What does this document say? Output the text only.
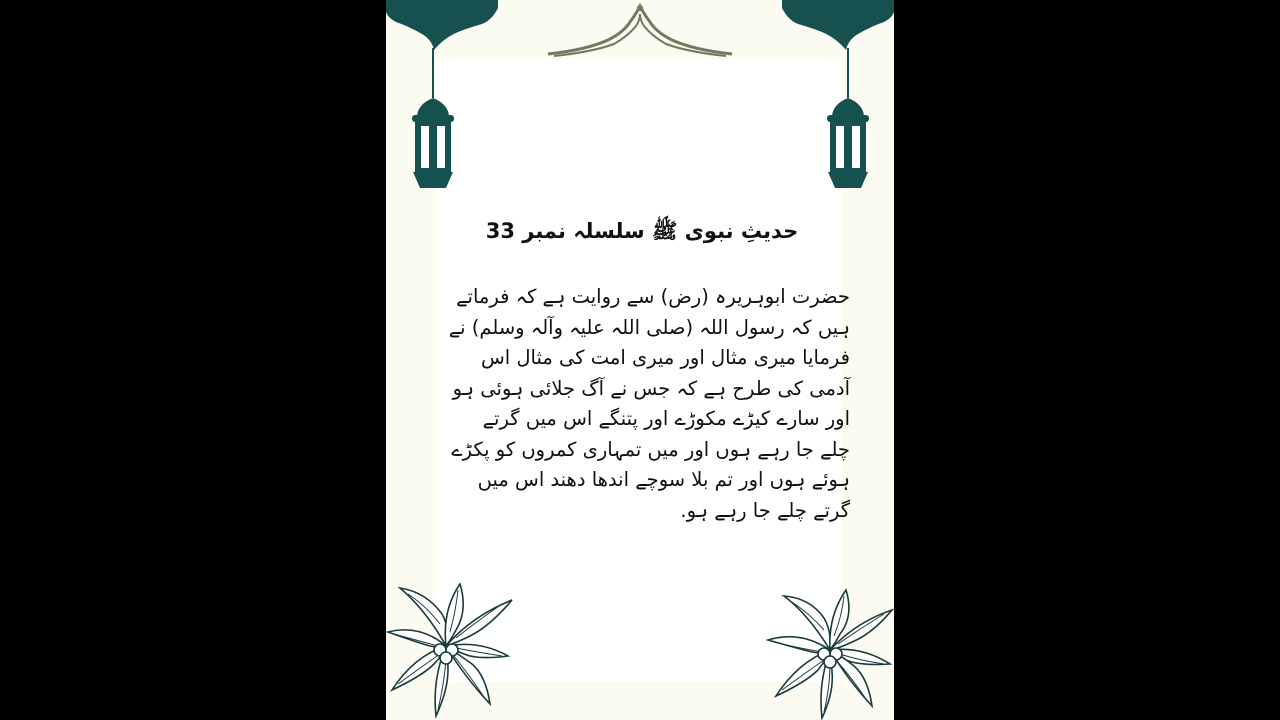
حدیثِ نبوی ﷺ سلسلہ نمبر 33
حضرت ابوہریرہ (رض) سے روایت ہے کہ فرماتے
ہیں کہ رسول اللہ (صلی اللہ علیہ وآلہ وسلم) نے
فرمایا میری مثال اور میری امت کی مثال اس
آدمی کی طرح ہے کہ جس نے آگ جلائی ہوئی ہو
اور سارے کیڑے مکوڑے اور پتنگے اس میں گرتے
چلے جا رہے ہوں اور میں تمہاری کمروں کو پکڑے
ہوئے ہوں اور تم بلا سوچے اندھا دھند اس میں
گرتے چلے جا رہے ہو.
